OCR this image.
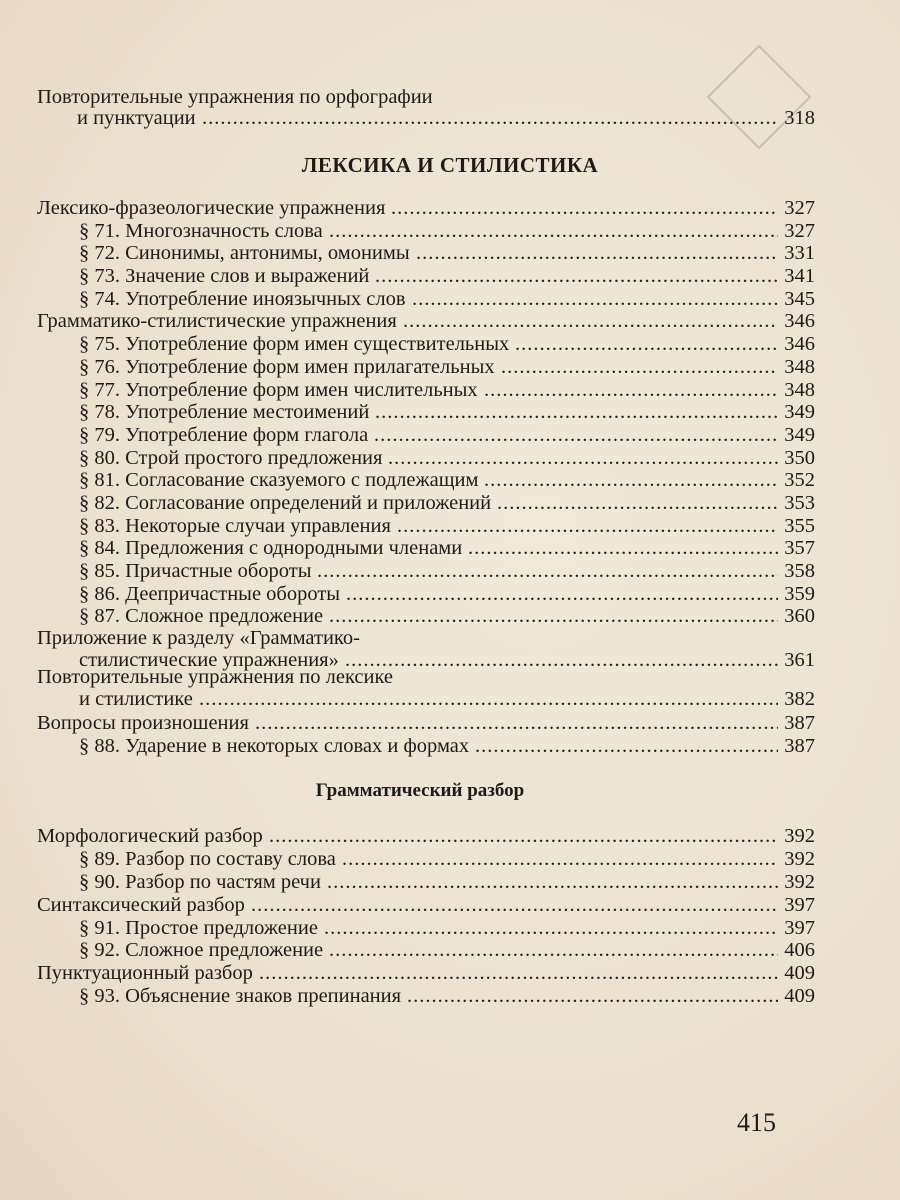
Повторительные упражнения по орфографии
и пунктуации .....	318
ЛЕКСИКА И СТИЛИСТИКА
Лексико-фразеологические упражнения .....	327
§ 71. Многозначность слова .....	327
§ 72. Синонимы, антонимы, омонимы .....	331
§ 73. Значение слов и выражений .....	341
§ 74. Употребление иноязычных слов .....	345
Грамматико-стилистические упражнения .....	346
§ 75. Употребление форм имен существительных .....	346
§ 76. Употребление форм имен прилагательных .....	348
§ 77. Употребление форм имен числительных .....	348
§ 78. Употребление местоимений .....	349
§ 79. Употребление форм глагола .....	349
§ 80. Строй простого предложения .....	350
§ 81. Согласование сказуемого с подлежащим .....	352
§ 82. Согласование определений и приложений .....	353
§ 83. Некоторые случаи управления .....	355
§ 84. Предложения с однородными членами .....	357
§ 85. Причастные обороты .....	358
§ 86. Деепричастные обороты .....	359
§ 87. Сложное предложение .....	360
Приложение к разделу «Грамматико-
стилистические упражнения» .....	361
Повторительные упражнения по лексике
и стилистике .....	382
Вопросы произношения .....	387
§ 88. Ударение в некоторых словах и формах .....	387
Грамматический разбор
Морфологический разбор .....	392
§ 89. Разбор по составу слова .....	392
§ 90. Разбор по частям речи .....	392
Синтаксический разбор .....	397
§ 91. Простое предложение .....	397
§ 92. Сложное предложение .....	406
Пунктуационный разбор .....	409
§ 93. Объяснение знаков препинания .....	409
415
